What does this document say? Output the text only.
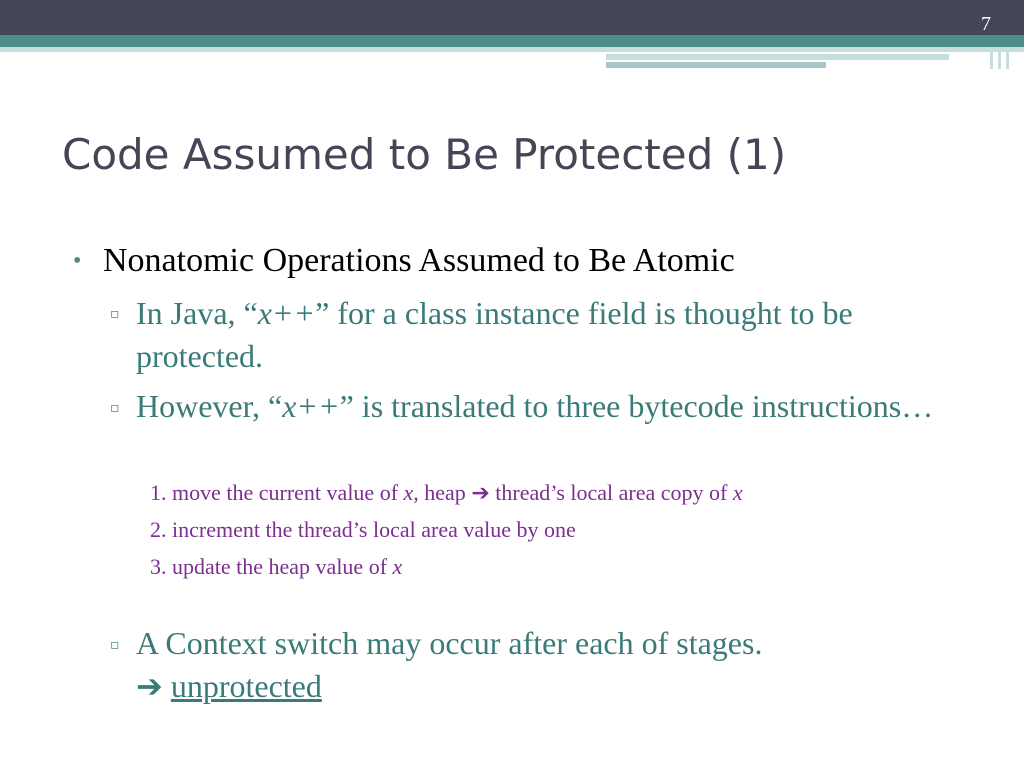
7
Code Assumed to Be Protected (1)
• Nonatomic Operations Assumed to Be Atomic
▫ In Java, “x++” for a class instance field is thought to be protected.
▫ However, “x++” is translated to three bytecode instructions…
1. move the current value of x, heap ➔ thread’s local area copy of x
2. increment the thread’s local area value by one
3. update the heap value of x
▫ A Context switch may occur after each of stages.
➔ unprotected
